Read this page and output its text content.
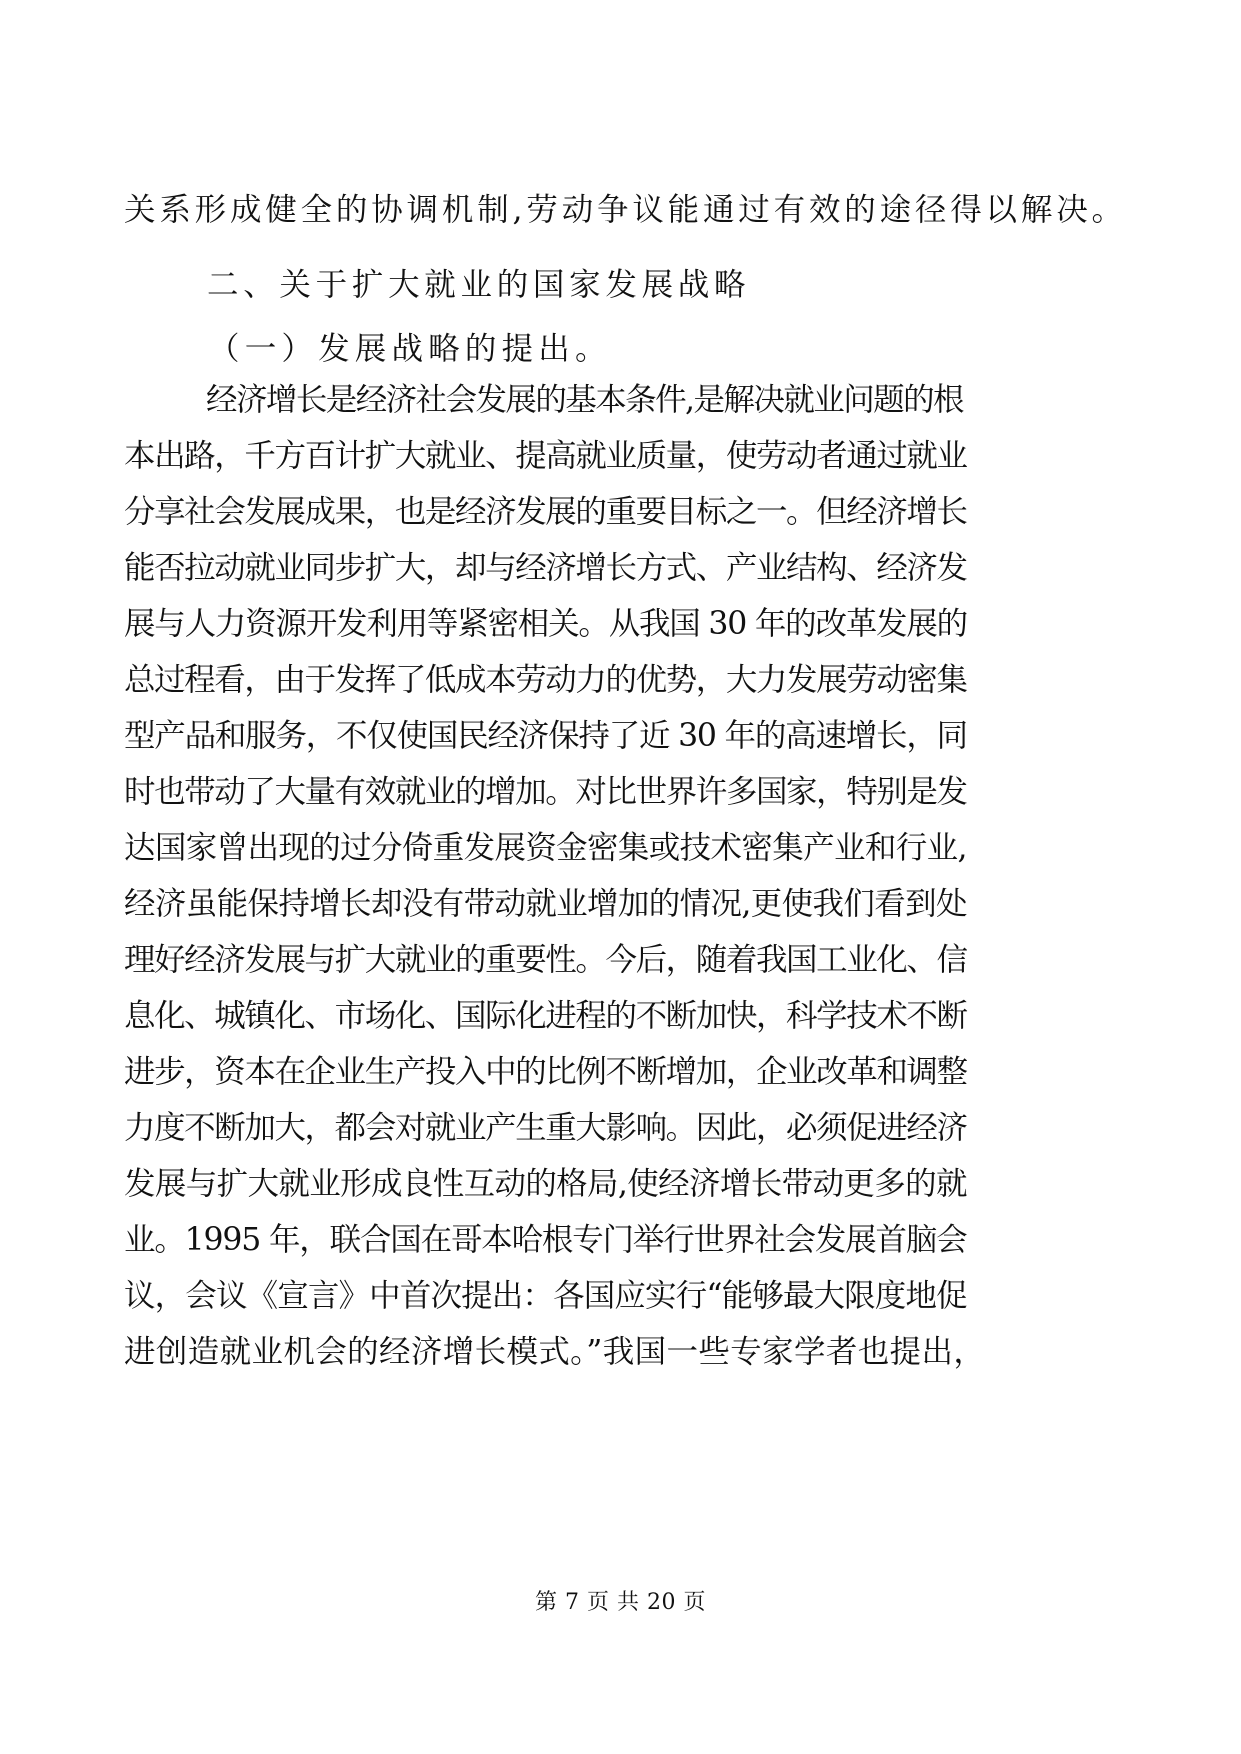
关系形成健全的协调机制,劳动争议能通过有效的途径得以解决。
二、关于扩大就业的国家发展战略
（一）发展战略的提出。
经济增长是经济社会发展的基本条件,是解决就业问题的根
本出路，千方百计扩大就业、提高就业质量，使劳动者通过就业
分享社会发展成果，也是经济发展的重要目标之一。但经济增长
能否拉动就业同步扩大，却与经济增长方式、产业结构、经济发
展与人力资源开发利用等紧密相关。从我国 30 年的改革发展的
总过程看，由于发挥了低成本劳动力的优势，大力发展劳动密集
型产品和服务，不仅使国民经济保持了近 30 年的高速增长，同
时也带动了大量有效就业的增加。对比世界许多国家，特别是发
达国家曾出现的过分倚重发展资金密集或技术密集产业和行业,
经济虽能保持增长却没有带动就业增加的情况,更使我们看到处
理好经济发展与扩大就业的重要性。今后，随着我国工业化、信
息化、城镇化、市场化、国际化进程的不断加快，科学技术不断
进步，资本在企业生产投入中的比例不断增加，企业改革和调整
力度不断加大，都会对就业产生重大影响。因此，必须促进经济
发展与扩大就业形成良性互动的格局,使经济增长带动更多的就
业。1995 年，联合国在哥本哈根专门举行世界社会发展首脑会
议，会议《宣言》中首次提出：各国应实行“能够最大限度地促
进创造就业机会的经济增长模式。”我国一些专家学者也提出，
第 7 页 共 20 页
